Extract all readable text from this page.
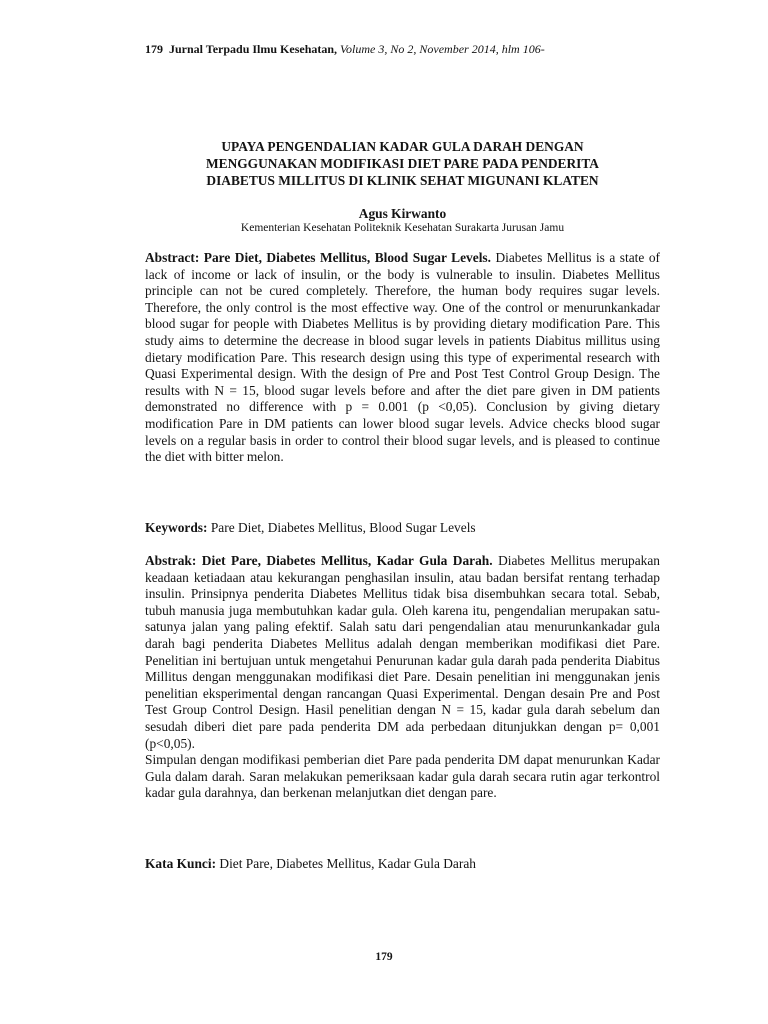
179 Jurnal Terpadu Ilmu Kesehatan, Volume 3, No 2, November 2014, hlm 106-
UPAYA PENGENDALIAN KADAR GULA DARAH DENGAN
MENGGUNAKAN MODIFIKASI DIET PARE PADA PENDERITA
DIABETUS MILLITUS DI KLINIK SEHAT MIGUNANI KLATEN
Agus Kirwanto
Kementerian Kesehatan Politeknik Kesehatan Surakarta Jurusan Jamu
Abstract: Pare Diet, Diabetes Mellitus, Blood Sugar Levels. Diabetes Mellitus is a state of lack of income or lack of insulin, or the body is vulnerable to insulin. Diabetes Mellitus principle can not be cured completely. Therefore, the human body requires sugar levels. Therefore, the only control is the most effective way. One of the control or menurunkankadar blood sugar for people with Diabetes Mellitus is by providing dietary modification Pare. This study aims to determine the decrease in blood sugar levels in patients Diabitus millitus using dietary modification Pare. This research design using this type of experimental research with Quasi Experimental design. With the design of Pre and Post Test Control Group Design. The results with N = 15, blood sugar levels before and after the diet pare given in DM patients demonstrated no difference with p = 0.001 (p <0,05). Conclusion by giving dietary modification Pare in DM patients can lower blood sugar levels. Advice checks blood sugar levels on a regular basis in order to control their blood sugar levels, and is pleased to continue the diet with bitter melon.
Keywords: Pare Diet, Diabetes Mellitus, Blood Sugar Levels
Abstrak: Diet Pare, Diabetes Mellitus, Kadar Gula Darah. Diabetes Mellitus merupakan keadaan ketiadaan atau kekurangan penghasilan insulin, atau badan bersifat rentang terhadap insulin. Prinsipnya penderita Diabetes Mellitus tidak bisa disembuhkan secara total. Sebab, tubuh manusia juga membutuhkan kadar gula. Oleh karena itu, pengendalian merupakan satu-satunya jalan yang paling efektif. Salah satu dari pengendalian atau menurunkankadar gula darah bagi penderita Diabetes Mellitus adalah dengan memberikan modifikasi diet Pare. Penelitian ini bertujuan untuk mengetahui Penurunan kadar gula darah pada penderita Diabitus Millitus dengan menggunakan modifikasi diet Pare. Desain penelitian ini menggunakan jenis penelitian eksperimental dengan rancangan Quasi Experimental. Dengan desain Pre and Post Test Group Control Design. Hasil penelitian dengan N = 15, kadar gula darah sebelum dan sesudah diberi diet pare pada penderita DM ada perbedaan ditunjukkan dengan p= 0,001 (p<0,05).
Simpulan dengan modifikasi pemberian diet Pare pada penderita DM dapat menurunkan Kadar Gula dalam darah. Saran melakukan pemeriksaan kadar gula darah secara rutin agar terkontrol kadar gula darahnya, dan berkenan melanjutkan diet dengan pare.
Kata Kunci: Diet Pare, Diabetes Mellitus, Kadar Gula Darah
179
